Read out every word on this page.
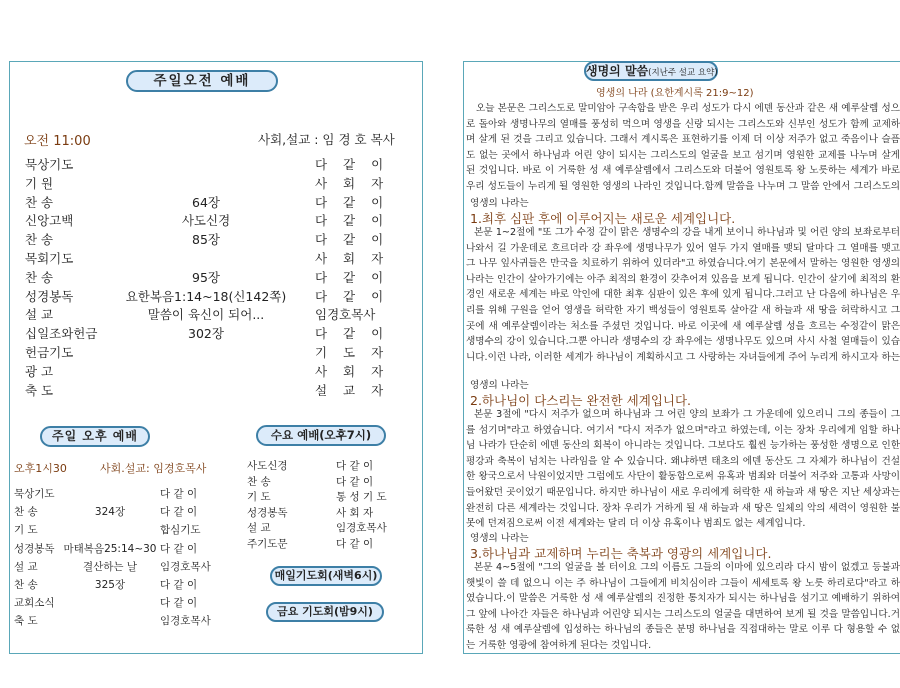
주일오전 예배
오전 11:00	사회,설교 : 임 경 호 목사
묵상기도	다 같 이
기 원	사 회 자
찬 송	64장	다 같 이
신앙고백	사도신경	다 같 이
찬 송	85장	다 같 이
목회기도	사 회 자
찬 송	95장	다 같 이
성경봉독	요한복음1:14~18(신142쪽)	다 같 이
설 교	말씀이 육신이 되어...	임경호목사
십일조와헌금	302장	다 같 이
헌금기도	기 도 자
광 고	사 회 자
축 도	설 교 자
주일 오후 예배
오후1시30	사회.설교: 임경호목사
묵상기도	다 같 이
찬 송	324장	다 같 이
기 도	합심기도
성경봉독 마태복음25:14~30 다 같 이
설 교	결산하는 날	임경호목사
찬 송	325장	다 같 이
교회소식	다 같 이
축 도	임경호목사
수요 예배(오후7시)
사도신경	다 같 이
찬 송	다 같 이
기 도	통 성 기 도
성경봉독	사 회 자
설 교	임경호목사
주기도문	다 같 이
매일기도회(새벽6시)
금요 기도회(밤9시)
생명의 말씀(지난주 설교 요약)
영생의 나라 (요한계시록 21:9~12)
오늘 본문은 그리스도로 말미암아 구속함을 받은 우리 성도가 다시 에덴 동산과 같은 새 예루살렘 성으로 돌아와 생명나무의 열매를 풍성히 먹으며 영생을 신랑 되시는 그리스도와 신부인 성도가 함께 교제하며 살게 된 것을 그리고 있습니다. 그래서 계시록은 표현하기를 이제 더 이상 저주가 없고 죽음이나 슬픔도 없는 곳에서 하나님과 어린 양이 되시는 그리스도의 얼굴을 보고 섬기며 영원한 교제를 나누며 살게 된 것입니다. 바로 이 거룩한 성 새 예루살렘에서 그리스도와 더불어 영원토록 왕 노릇하는 세계가 바로 우리 성도들이 누리게 될 영원한 영생의 나라인 것입니다.함께 말씀을 나누며 그 말씀 안에서 그리스도의
영생의 나라는
1.최후 심판 후에 이루어지는 새로운 세계입니다.
본문 1~2절에 "또 그가 수정 같이 맑은 생명수의 강을 내게 보이니 하나님과 및 어린 양의 보좌로부터 나와서 길 가운데로 흐르더라 강 좌우에 생명나무가 있어 열두 가지 열매를 맺되 달마다 그 열매를 맺고 그 나무 잎사귀들은 만국을 치료하기 위하여 있더라"고 하였습니다.여기 본문에서 말하는 영원한 영생의 나라는 인간이 살아가기에는 아주 최적의 환경이 갖추어져 있음을 보게 됩니다. 인간이 살기에 최적의 환경인 새로운 세계는 바로 악인에 대한 최후 심판이 있은 후에 있게 됩니다.그러고 난 다음에 하나님은 우리를 위해 구원을 얻어 영생을 허락한 자기 백성들이 영원토록 살아갈 새 하늘과 새 땅을 허락하시고 그곳에 새 예루살렘이라는 처소를 주셨던 것입니다. 바로 이곳에 새 예루살렘 성을 흐르는 수정같이 맑은 생명수의 강이 있습니다.그뿐 아니라 생명수의 강 좌우에는 생명나무도 있으며 사시 사철 열매들이 있습니다.이런 나라, 이러한 세계가 하나님이 계획하시고 그 사랑하는 자녀들에게 주어 누리게 하시고자 하는
영생의 나라는
2.하나님이 다스리는 완전한 세계입니다.
본문 3절에 "다시 저주가 없으며 하나님과 그 어린 양의 보좌가 그 가운데에 있으리니 그의 종들이 그를 섬기며"라고 하였습니다. 여기서 "다시 저주가 없으며"라고 하였는데, 이는 장차 우리에게 임할 하나님 나라가 단순히 에덴 동산의 회복이 아니라는 것입니다. 그보다도 훨씬 능가하는 풍성한 생명으로 인한 평강과 축복이 넘치는 나라임을 알 수 있습니다. 왜냐하면 태초의 에덴 동산도 그 자체가 하나님이 건설한 왕국으로서 낙원이었지만 그럼에도 사단이 활동함으로써 유혹과 범죄와 더불어 저주와 고통과 사망이 들어왔던 곳이었기 때문입니다. 하지만 하나님이 새로 우리에게 허락한 새 하늘과 새 땅은 지난 세상과는 완전히 다른 세계라는 것입니다. 장차 우리가 거하게 될 새 하늘과 새 땅은 일체의 악의 세력이 영원한 불못에 던져짐으로써 이전 세계와는 달리 더 이상 유혹이나 범죄도 없는 세계입니다.
영생의 나라는
3.하나님과 교제하며 누리는 축복과 영광의 세계입니다.
본문 4~5절에 "그의 얼굴을 볼 터이요 그의 이름도 그들의 이마에 있으리라 다시 밤이 없겠고 등불과 햇빛이 쓸 데 없으니 이는 주 하나님이 그들에게 비치심이라 그들이 세세토록 왕 노릇 하리로다"라고 하였습니다.이 말씀은 거룩한 성 새 예루살렘의 진정한 통치자가 되시는 하나님을 섬기고 예배하기 위하여 그 앞에 나아간 자들은 하나님과 어린양 되시는 그리스도의 얼굴을 대면하여 보게 될 것을 말씀입니다.거룩한 성 새 예루살렘에 입성하는 하나님의 종들은 분명 하나님을 직접대하는 말로 이루 다 형용할 수 없는 거룩한 영광에 참여하게 된다는 것입니다.
